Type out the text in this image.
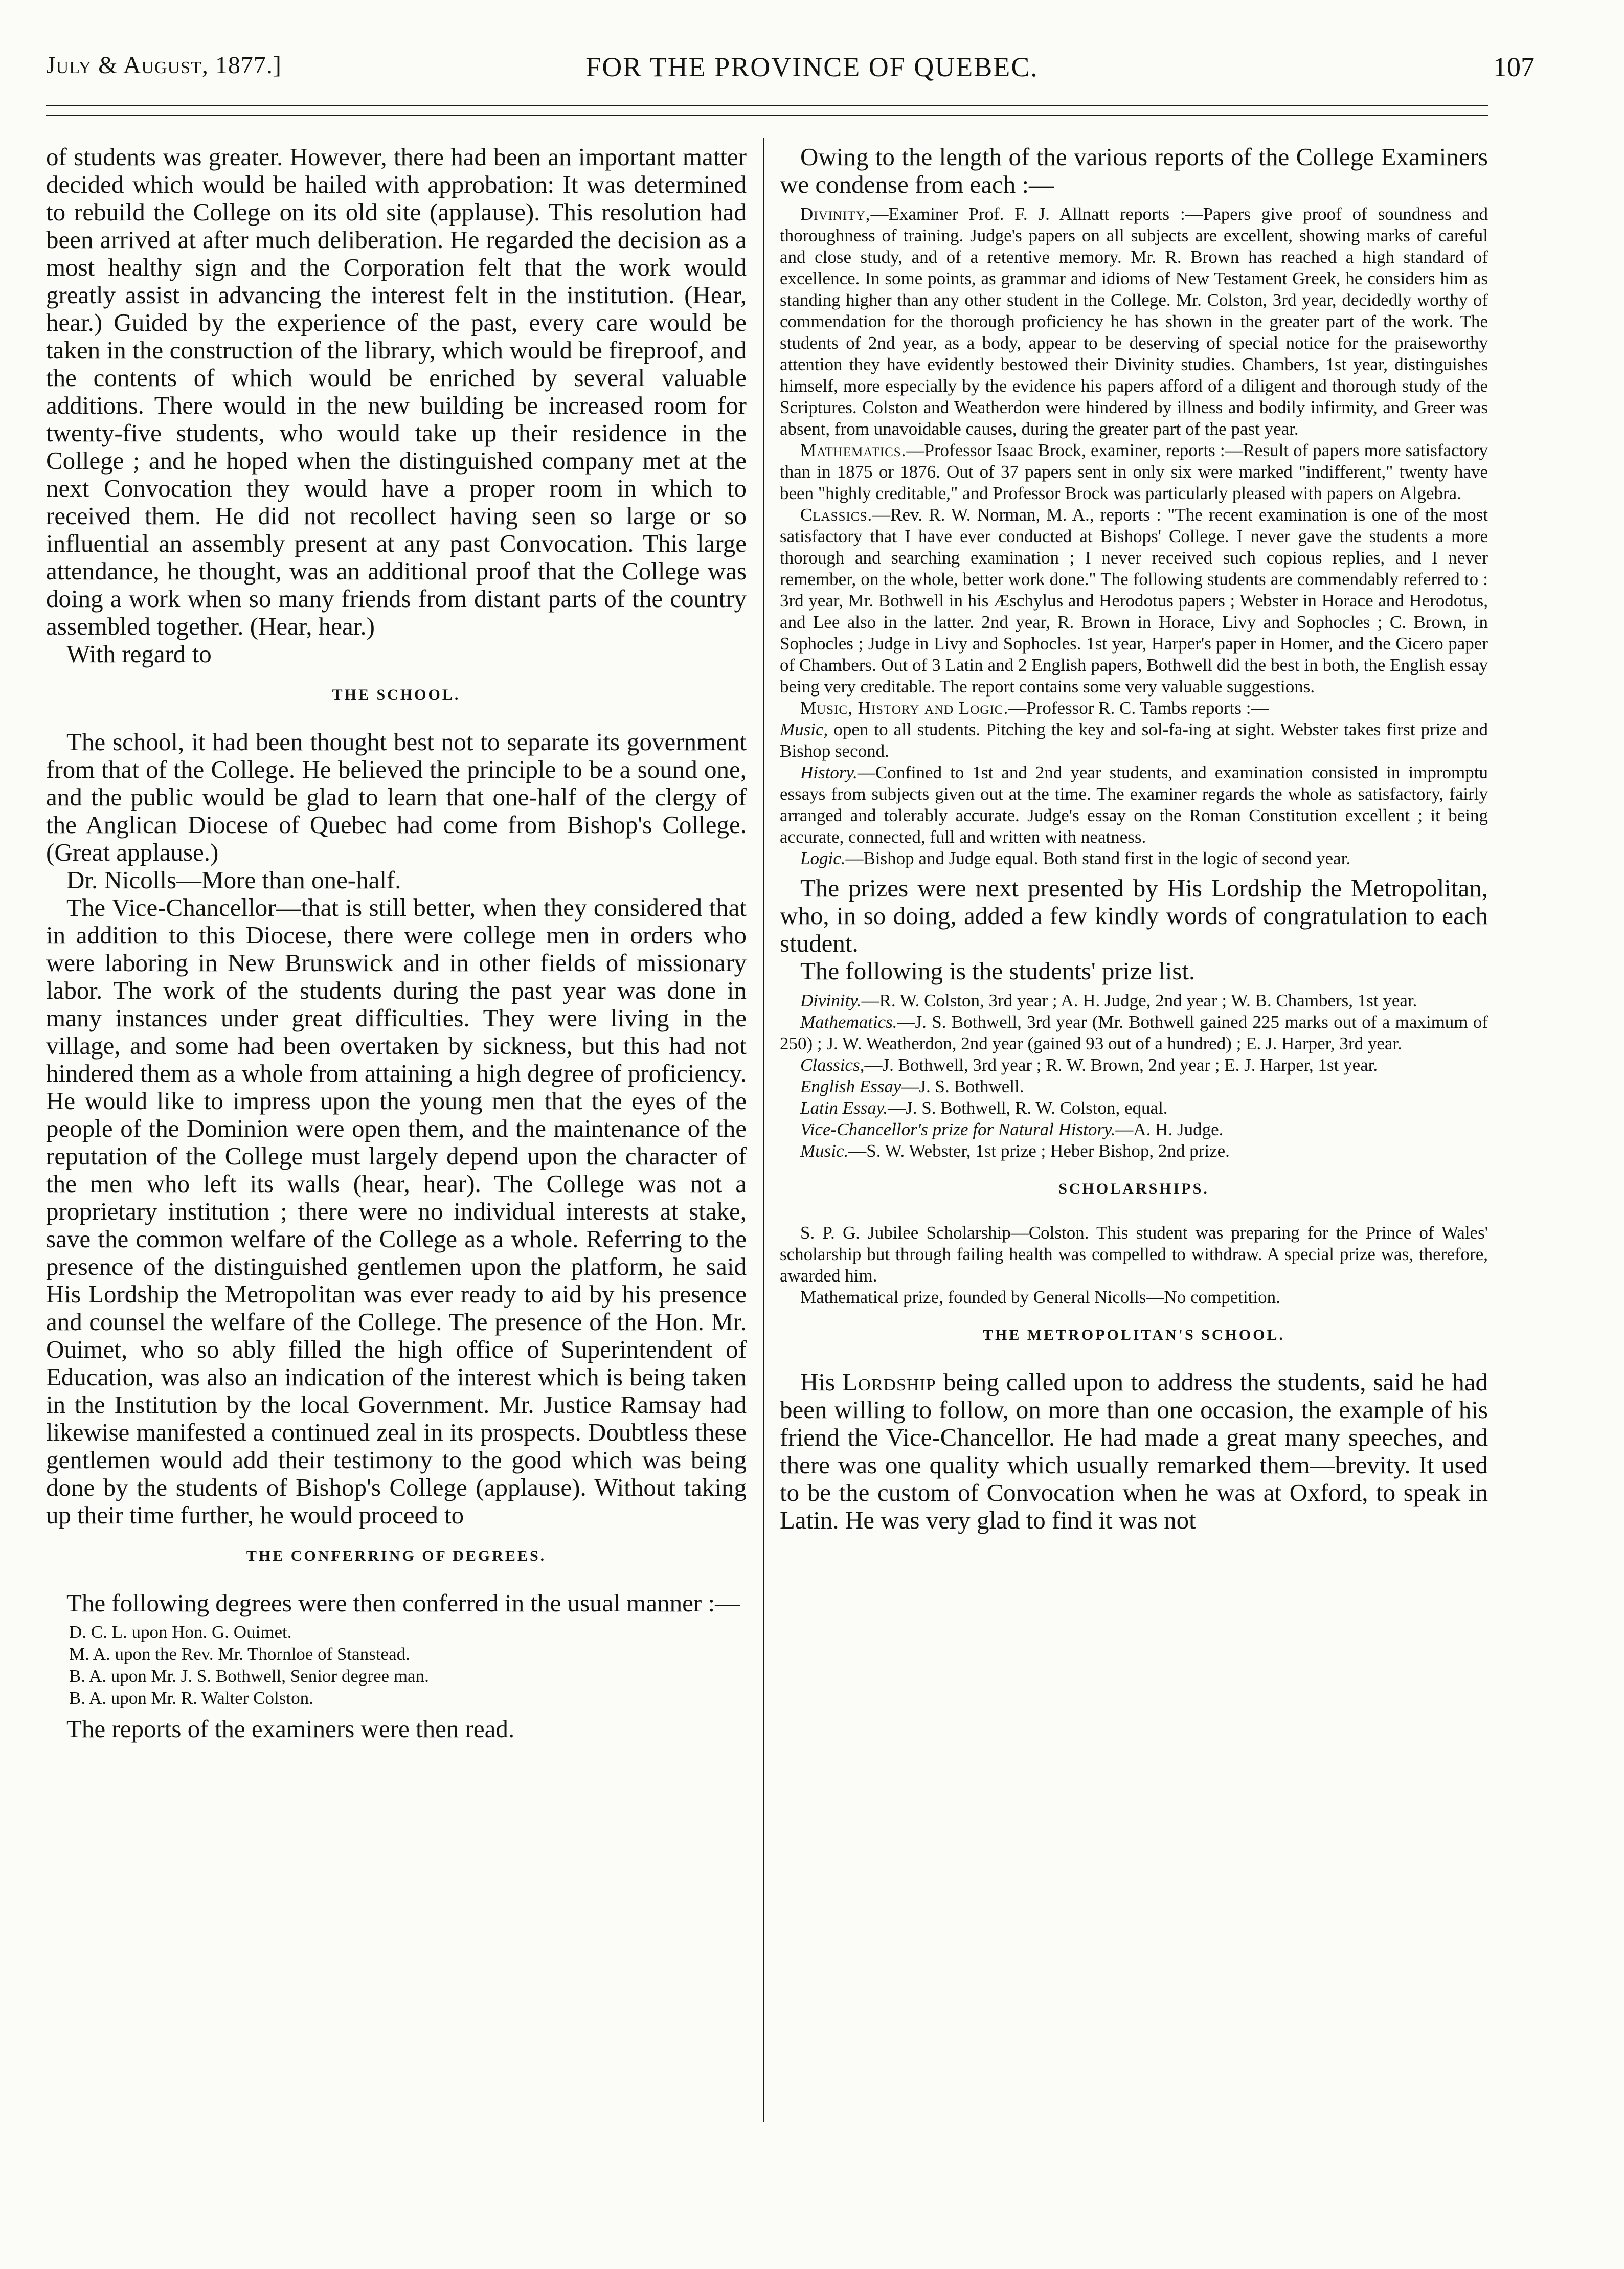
July & August, 1877.]	FOR THE PROVINCE OF QUEBEC.	107

of students was greater. However, there had been an important matter decided which would be hailed with approbation: It was determined to rebuild the College on its old site (applause). This resolution had been arrived at after much deliberation. He regarded the decision as a most healthy sign and the Corporation felt that the work would greatly assist in advancing the interest felt in the institution. (Hear, hear.) Guided by the experience of the past, every care would be taken in the construction of the library, which would be fireproof, and the contents of which would be enriched by several valuable additions. There would in the new building be increased room for twenty-five students, who would take up their residence in the College ; and he hoped when the distinguished company met at the next Convocation they would have a proper room in which to received them. He did not recollect having seen so large or so influential an assembly present at any past Convocation. This large attendance, he thought, was an additional proof that the College was doing a work when so many friends from distant parts of the country assembled together. (Hear, hear.)

With regard to

THE SCHOOL.

The school, it had been thought best not to separate its government from that of the College. He believed the principle to be a sound one, and the public would be glad to learn that one-half of the clergy of the Anglican Diocese of Quebec had come from Bishop's College. (Great applause.)

Dr. Nicolls—More than one-half.

The Vice-Chancellor—that is still better, when they considered that in addition to this Diocese, there were college men in orders who were laboring in New Brunswick and in other fields of missionary labor. The work of the students during the past year was done in many instances under great difficulties. They were living in the village, and some had been overtaken by sickness, but this had not hindered them as a whole from attaining a high degree of proficiency. He would like to impress upon the young men that the eyes of the people of the Dominion were open them, and the maintenance of the reputation of the College must largely depend upon the character of the men who left its walls (hear, hear). The College was not a proprietary institution ; there were no individual interests at stake, save the common welfare of the College as a whole. Referring to the presence of the distinguished gentlemen upon the platform, he said His Lordship the Metropolitan was ever ready to aid by his presence and counsel the welfare of the College. The presence of the Hon. Mr. Ouimet, who so ably filled the high office of Superintendent of Education, was also an indication of the interest which is being taken in the Institution by the local Government. Mr. Justice Ramsay had likewise manifested a continued zeal in its prospects. Doubtless these gentlemen would add their testimony to the good which was being done by the students of Bishop's College (applause). Without taking up their time further, he would proceed to

THE CONFERRING OF DEGREES.

The following degrees were then conferred in the usual manner :—

D. C. L. upon Hon. G. Ouimet.
M. A. upon the Rev. Mr. Thornloe of Stanstead.
B. A. upon Mr. J. S. Bothwell, Senior degree man.
B. A. upon Mr. R. Walter Colston.

The reports of the examiners were then read.

Owing to the length of the various reports of the College Examiners we condense from each :—

Divinity,—Examiner Prof. F. J. Allnatt reports :—Papers give proof of soundness and thoroughness of training. Judge's papers on all subjects are excellent, showing marks of careful and close study, and of a retentive memory. Mr. R. Brown has reached a high standard of excellence. In some points, as grammar and idioms of New Testament Greek, he considers him as standing higher than any other student in the College. Mr. Colston, 3rd year, decidedly worthy of commendation for the thorough proficiency he has shown in the greater part of the work. The students of 2nd year, as a body, appear to be deserving of special notice for the praiseworthy attention they have evidently bestowed their Divinity studies. Chambers, 1st year, distinguishes himself, more especially by the evidence his papers afford of a diligent and thorough study of the Scriptures. Colston and Weatherdon were hindered by illness and bodily infirmity, and Greer was absent, from unavoidable causes, during the greater part of the past year.

Mathematics.—Professor Isaac Brock, examiner, reports :—Result of papers more satisfactory than in 1875 or 1876. Out of 37 papers sent in only six were marked "indifferent," twenty have been "highly creditable," and Professor Brock was particularly pleased with papers on Algebra.

Classics.—Rev. R. W. Norman, M. A., reports : "The recent examination is one of the most satisfactory that I have ever conducted at Bishops' College. I never gave the students a more thorough and searching examination ; I never received such copious replies, and I never remember, on the whole, better work done." The following students are commendably referred to : 3rd year, Mr. Bothwell in his Æschylus and Herodotus papers ; Webster in Horace and Herodotus, and Lee also in the latter. 2nd year, R. Brown in Horace, Livy and Sophocles ; C. Brown, in Sophocles ; Judge in Livy and Sophocles. 1st year, Harper's paper in Homer, and the Cicero paper of Chambers. Out of 3 Latin and 2 English papers, Bothwell did the best in both, the English essay being very creditable. The report contains some very valuable suggestions.

Music, History and Logic.—Professor R. C. Tambs reports :—

Music, open to all students. Pitching the key and sol-fa-ing at sight. Webster takes first prize and Bishop second.

History.—Confined to 1st and 2nd year students, and examination consisted in impromptu essays from subjects given out at the time. The examiner regards the whole as satisfactory, fairly arranged and tolerably accurate. Judge's essay on the Roman Constitution excellent ; it being accurate, connected, full and written with neatness.

Logic.—Bishop and Judge equal. Both stand first in the logic of second year.

The prizes were next presented by His Lordship the Metropolitan, who, in so doing, added a few kindly words of congratulation to each student.

The following is the students' prize list.

Divinity.—R. W. Colston, 3rd year ; A. H. Judge, 2nd year ; W. B. Chambers, 1st year.

Mathematics.—J. S. Bothwell, 3rd year (Mr. Bothwell gained 225 marks out of a maximum of 250) ; J. W. Weatherdon, 2nd year (gained 93 out of a hundred) ; E. J. Harper, 3rd year.

Classics,—J. Bothwell, 3rd year ; R. W. Brown, 2nd year ; E. J. Harper, 1st year.

English Essay—J. S. Bothwell.

Latin Essay.—J. S. Bothwell, R. W. Colston, equal.

Vice-Chancellor's prize for Natural History.—A. H. Judge.

Music.—S. W. Webster, 1st prize ; Heber Bishop, 2nd prize.

SCHOLARSHIPS.

S. P. G. Jubilee Scholarship—Colston. This student was preparing for the Prince of Wales' scholarship but through failing health was compelled to withdraw. A special prize was, therefore, awarded him.

Mathematical prize, founded by General Nicolls—No competition.

THE METROPOLITAN'S SCHOOL.

His Lordship being called upon to address the students, said he had been willing to follow, on more than one occasion, the example of his friend the Vice-Chancellor. He had made a great many speeches, and there was one quality which usually remarked them—brevity. It used to be the custom of Convocation when he was at Oxford, to speak in Latin. He was very glad to find it was not
